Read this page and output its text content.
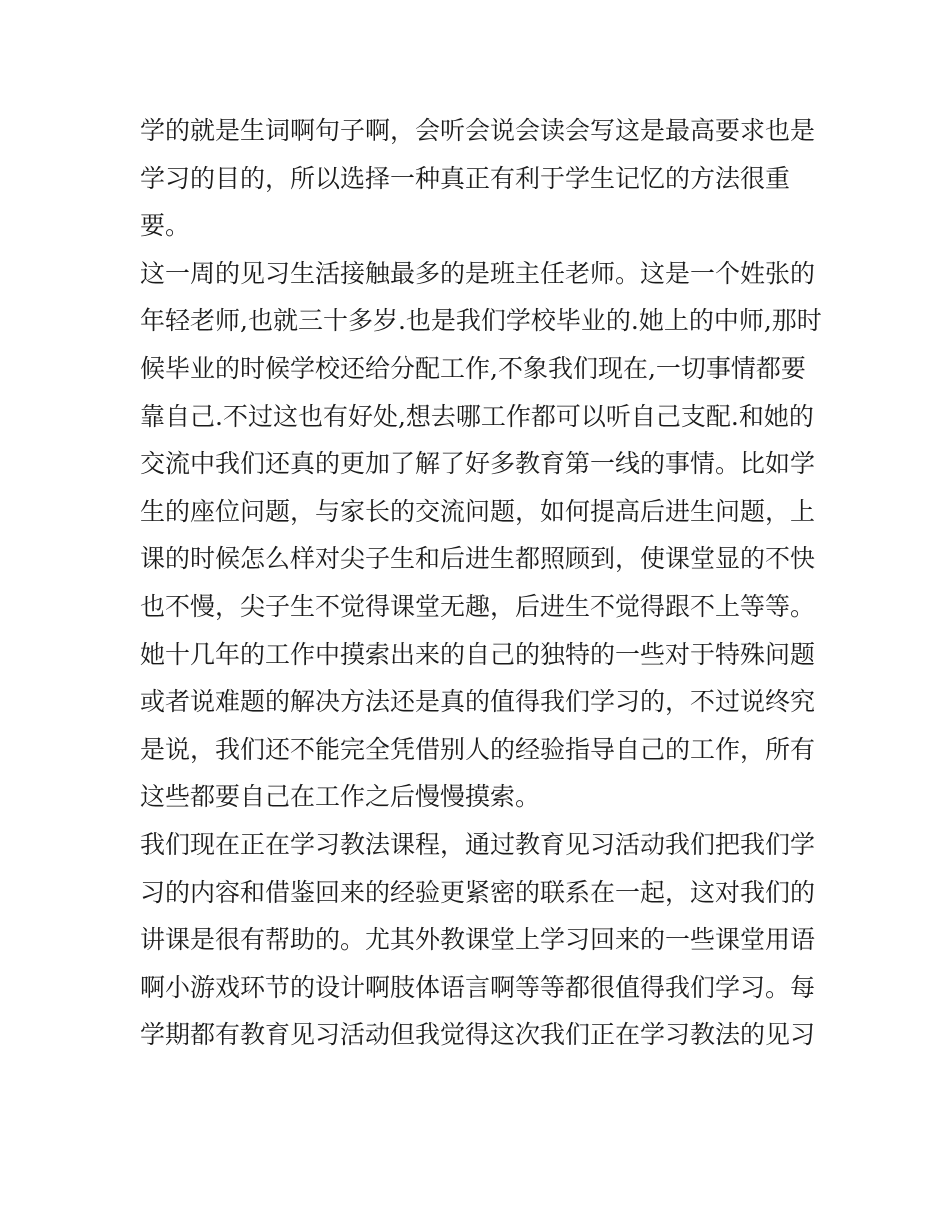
学的就是生词啊句子啊，会听会说会读会写这是最高要求也是
学习的目的，所以选择一种真正有利于学生记忆的方法很重
要。
这一周的见习生活接触最多的是班主任老师。这是一个姓张的
年轻老师,也就三十多岁.也是我们学校毕业的.她上的中师,那时
候毕业的时候学校还给分配工作,不象我们现在,一切事情都要
靠自己.不过这也有好处,想去哪工作都可以听自己支配.和她的
交流中我们还真的更加了解了好多教育第一线的事情。比如学
生的座位问题，与家长的交流问题，如何提高后进生问题，上
课的时候怎么样对尖子生和后进生都照顾到，使课堂显的不快
也不慢，尖子生不觉得课堂无趣，后进生不觉得跟不上等等。
她十几年的工作中摸索出来的自己的独特的一些对于特殊问题
或者说难题的解决方法还是真的值得我们学习的，不过说终究
是说，我们还不能完全凭借别人的经验指导自己的工作，所有
这些都要自己在工作之后慢慢摸索。
我们现在正在学习教法课程，通过教育见习活动我们把我们学
习的内容和借鉴回来的经验更紧密的联系在一起，这对我们的
讲课是很有帮助的。尤其外教课堂上学习回来的一些课堂用语
啊小游戏环节的设计啊肢体语言啊等等都很值得我们学习。每
学期都有教育见习活动但我觉得这次我们正在学习教法的见习
